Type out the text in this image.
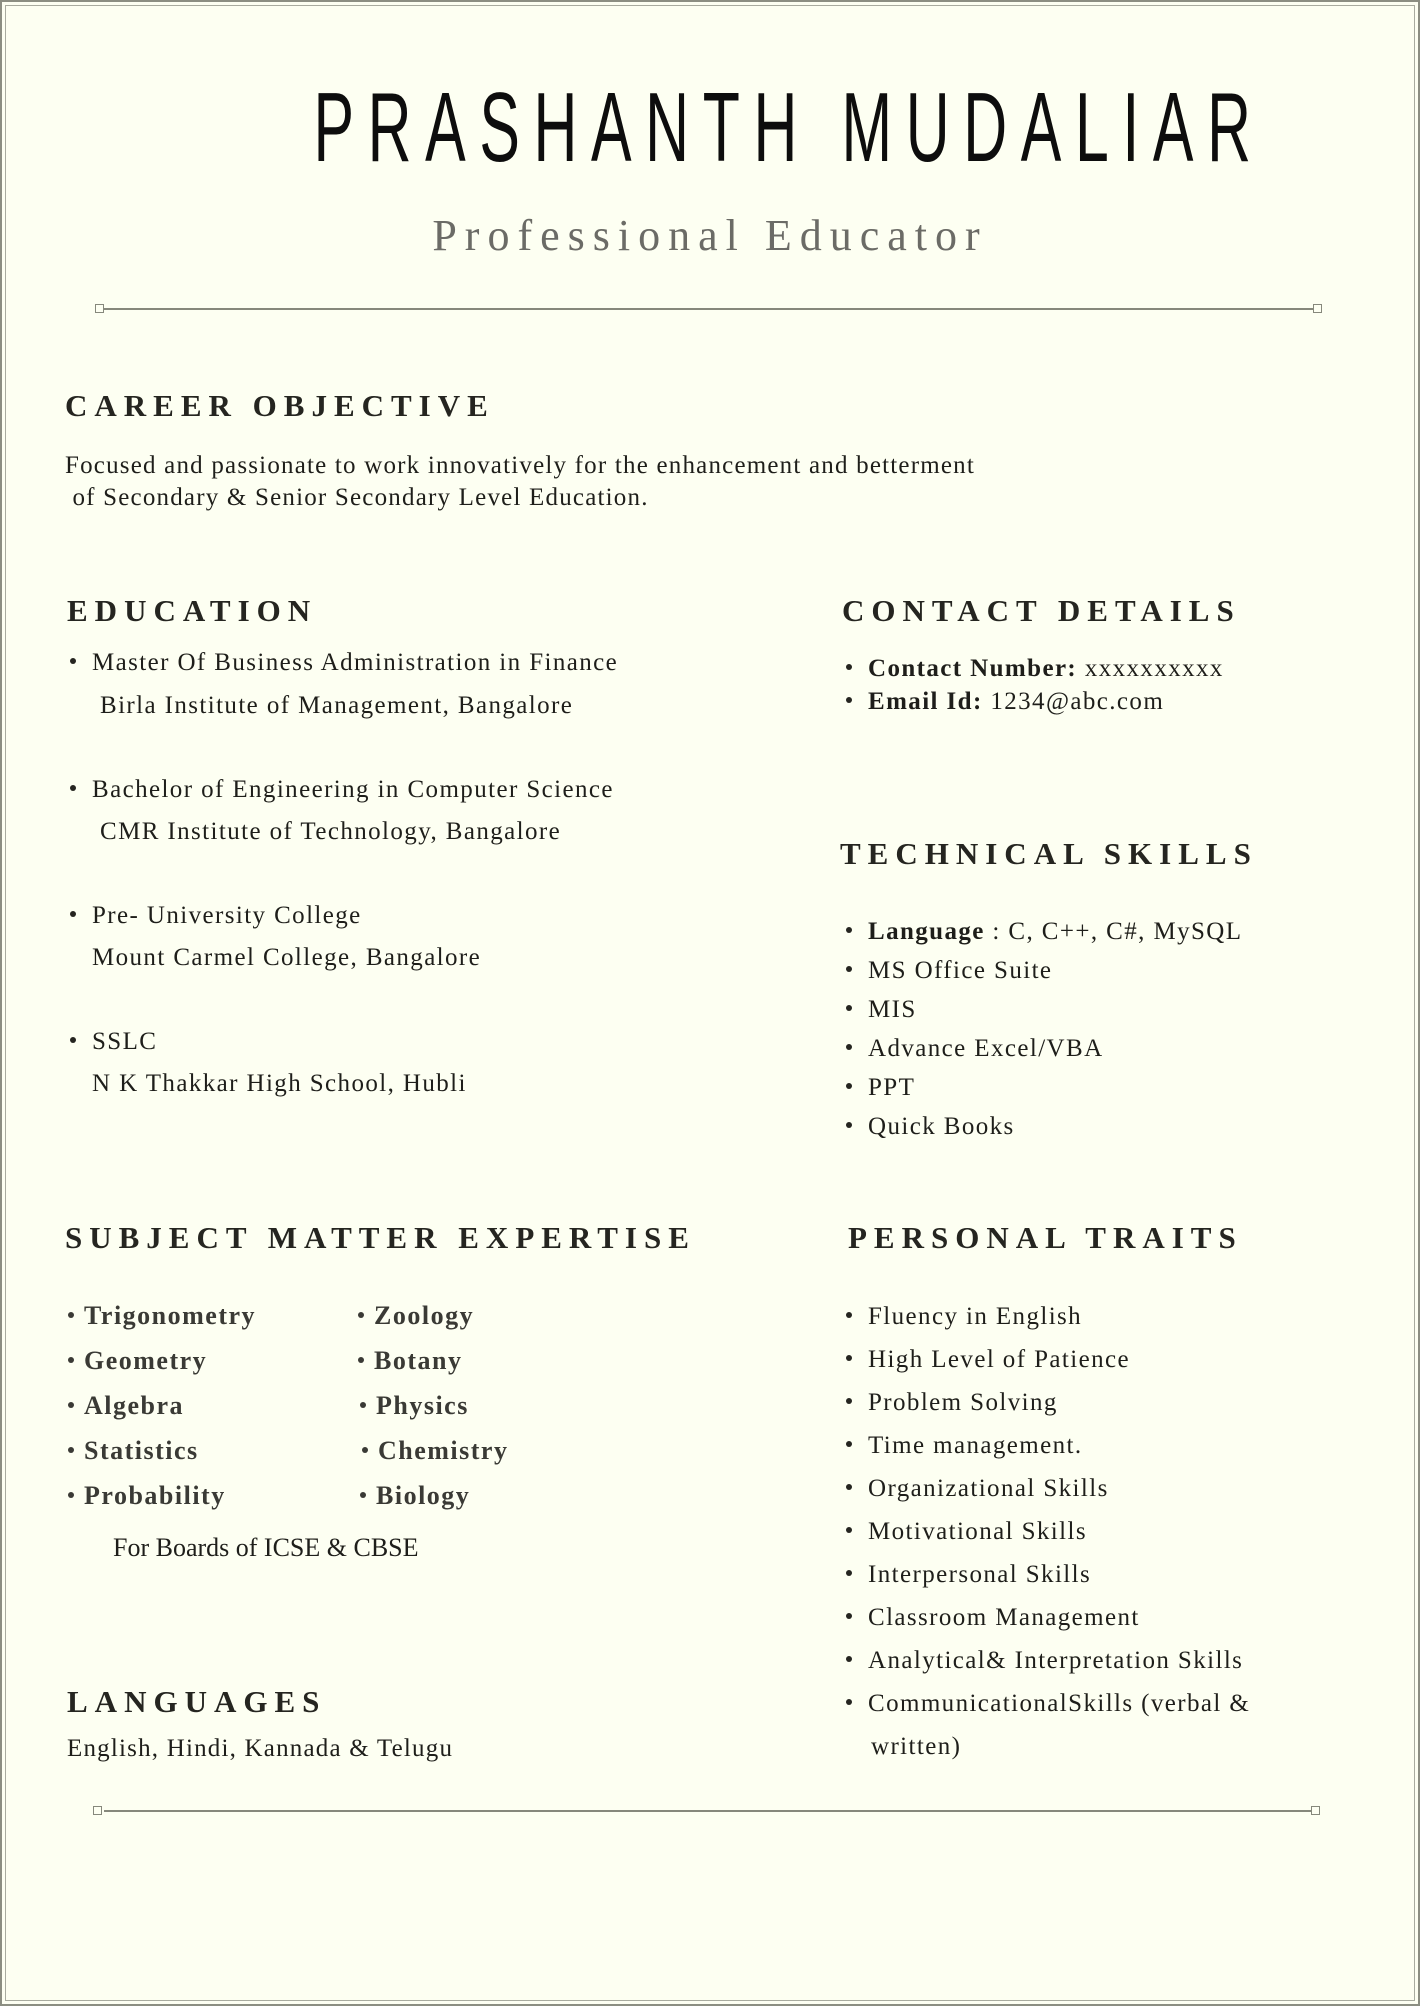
PRASHANTH MUDALIAR
Professional Educator
CAREER OBJECTIVE
Focused and passionate to work innovatively for the enhancement and betterment
of Secondary & Senior Secondary Level Education.
EDUCATION
Master Of Business Administration in Finance
Birla Institute of Management, Bangalore
Bachelor of Engineering in Computer Science
CMR Institute of Technology, Bangalore
Pre- University College
Mount Carmel College, Bangalore
SSLC
N K Thakkar High School, Hubli
CONTACT DETAILS
Contact Number: xxxxxxxxxx
Email Id: 1234@abc.com
TECHNICAL SKILLS
Language : C, C++, C#, MySQL
MS Office Suite
MIS
Advance Excel/VBA
PPT
Quick Books
SUBJECT MATTER EXPERTISE
Trigonometry
Geometry
Algebra
Statistics
Probability
Zoology
Botany
Physics
Chemistry
Biology
For Boards of ICSE & CBSE
PERSONAL TRAITS
Fluency in English
High Level of Patience
Problem Solving
Time management.
Organizational Skills
Motivational Skills
Interpersonal Skills
Classroom Management
Analytical& Interpretation Skills
CommunicationalSkills (verbal &
written)
LANGUAGES
English, Hindi, Kannada & Telugu
